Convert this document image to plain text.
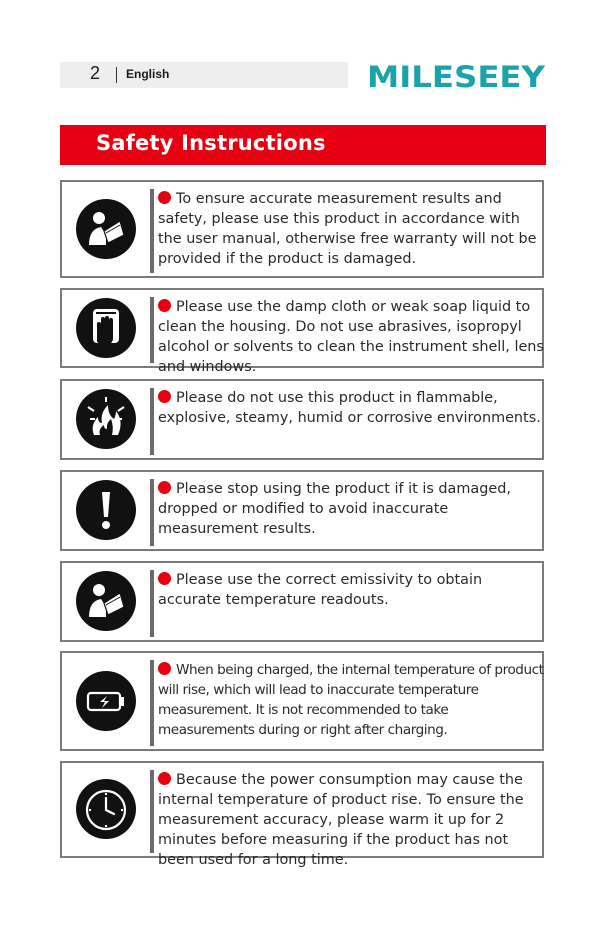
2 English	MILESEEY
Safety Instructions
To ensure accurate measurement results and safety, please use this product in accordance with the user manual, otherwise free warranty will not be provided if the product is damaged.
Please use the damp cloth or weak soap liquid to clean the housing. Do not use abrasives, isopropyl alcohol or solvents to clean the instrument shell, lens and windows.
Please do not use this product in flammable, explosive, steamy, humid or corrosive environments.
Please stop using the product if it is damaged, dropped or modified to avoid inaccurate measurement results.
Please use the correct emissivity to obtain accurate temperature readouts.
When being charged, the internal temperature of product will rise, which will lead to inaccurate temperature measurement. It is not recommended to take measurements during or right after charging.
Because the power consumption may cause the internal temperature of product rise. To ensure the measurement accuracy, please warm it up for 2 minutes before measuring if the product has not been used for a long time.
